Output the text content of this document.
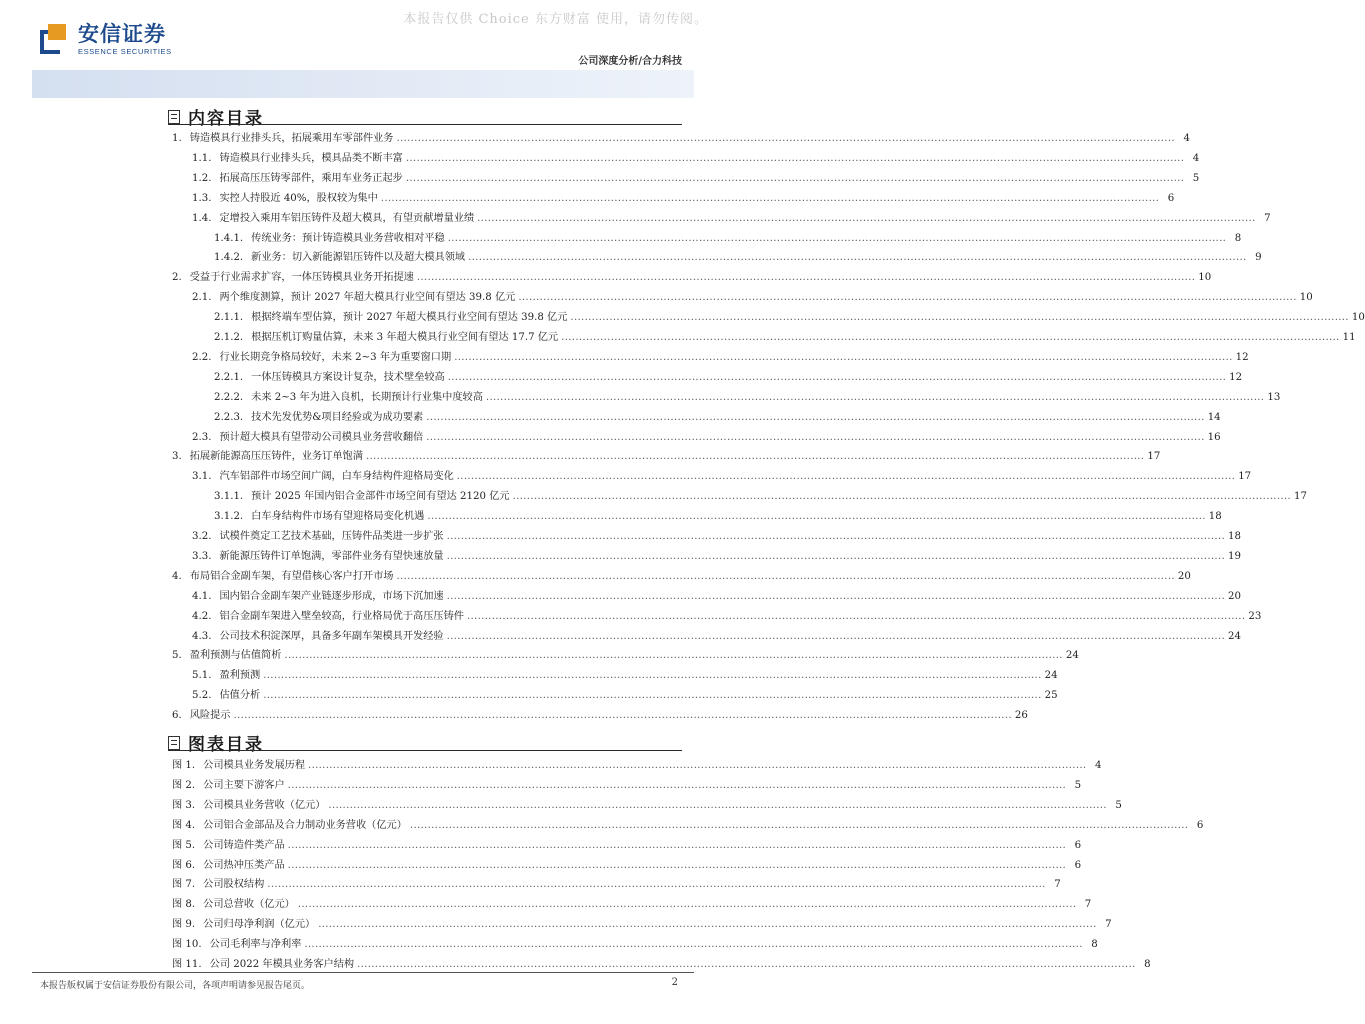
本报告仅供 Choice 东方财富 使用，请勿传阅。
安信证券
ESSENCE SECURITIES
公司深度分析/合力科技
内容目录
1. 铸造模具行业排头兵，拓展乘用车零部件业务 ............................................................................................................................................................................................................................ 4
1.1. 铸造模具行业排头兵，模具品类不断丰富 ............................................................................................................................................................................................................................ 4
1.2. 拓展高压压铸零部件，乘用车业务正起步 ............................................................................................................................................................................................................................ 5
1.3. 实控人持股近 40%，股权较为集中 ............................................................................................................................................................................................................................ 6
1.4. 定增投入乘用车铝压铸件及超大模具，有望贡献增量业绩 ............................................................................................................................................................................................................................ 7
1.4.1. 传统业务：预计铸造模具业务营收相对平稳 ............................................................................................................................................................................................................................ 8
1.4.2. 新业务：切入新能源铝压铸件以及超大模具领域 ............................................................................................................................................................................................................................ 9
2. 受益于行业需求扩容，一体压铸模具业务开拓提速 ............................................................................................................................................................................................................................ 10
2.1. 两个维度测算，预计 2027 年超大模具行业空间有望达 39.8 亿元 ............................................................................................................................................................................................................................ 10
2.1.1. 根据终端车型估算，预计 2027 年超大模具行业空间有望达 39.8 亿元 ............................................................................................................................................................................................................................ 10
2.1.2. 根据压机订购量估算，未来 3 年超大模具行业空间有望达 17.7 亿元 ............................................................................................................................................................................................................................ 11
2.2. 行业长期竞争格局较好，未来 2~3 年为重要窗口期 ............................................................................................................................................................................................................................ 12
2.2.1. 一体压铸模具方案设计复杂，技术壁垒较高 ............................................................................................................................................................................................................................ 12
2.2.2. 未来 2~3 年为进入良机，长期预计行业集中度较高 ............................................................................................................................................................................................................................ 13
2.2.3. 技术先发优势&项目经验或为成功要素 ............................................................................................................................................................................................................................ 14
2.3. 预计超大模具有望带动公司模具业务营收翻倍 ............................................................................................................................................................................................................................ 16
3. 拓展新能源高压压铸件，业务订单饱满 ............................................................................................................................................................................................................................ 17
3.1. 汽车铝部件市场空间广阔，白车身结构件迎格局变化 ............................................................................................................................................................................................................................ 17
3.1.1. 预计 2025 年国内铝合金部件市场空间有望达 2120 亿元 ............................................................................................................................................................................................................................ 17
3.1.2. 白车身结构件市场有望迎格局变化机遇 ............................................................................................................................................................................................................................ 18
3.2. 试模件奠定工艺技术基础，压铸件品类进一步扩张 ............................................................................................................................................................................................................................ 18
3.3. 新能源压铸件订单饱满，零部件业务有望快速放量 ............................................................................................................................................................................................................................ 19
4. 布局铝合金副车架，有望借核心客户打开市场 ............................................................................................................................................................................................................................ 20
4.1. 国内铝合金副车架产业链逐步形成，市场下沉加速 ............................................................................................................................................................................................................................ 20
4.2. 铝合金副车架进入壁垒较高，行业格局优于高压压铸件 ............................................................................................................................................................................................................................ 23
4.3. 公司技术积淀深厚，具备多年副车架模具开发经验 ............................................................................................................................................................................................................................ 24
5. 盈利预测与估值简析 ............................................................................................................................................................................................................................ 24
5.1. 盈利预测 ............................................................................................................................................................................................................................ 24
5.2. 估值分析 ............................................................................................................................................................................................................................ 25
6. 风险提示 ............................................................................................................................................................................................................................ 26
图表目录
图 1. 公司模具业务发展历程 ............................................................................................................................................................................................................................ 4
图 2. 公司主要下游客户 ............................................................................................................................................................................................................................ 5
图 3. 公司模具业务营收（亿元） ............................................................................................................................................................................................................................ 5
图 4. 公司铝合金部品及合力制动业务营收（亿元） ............................................................................................................................................................................................................................ 6
图 5. 公司铸造件类产品 ............................................................................................................................................................................................................................ 6
图 6. 公司热冲压类产品 ............................................................................................................................................................................................................................ 6
图 7. 公司股权结构 ............................................................................................................................................................................................................................ 7
图 8. 公司总营收（亿元） ............................................................................................................................................................................................................................ 7
图 9. 公司归母净利润（亿元） ............................................................................................................................................................................................................................ 7
图 10. 公司毛利率与净利率 ............................................................................................................................................................................................................................ 8
图 11. 公司 2022 年模具业务客户结构 ............................................................................................................................................................................................................................ 8
本报告版权属于安信证券股份有限公司，各项声明请参见报告尾页。	2
